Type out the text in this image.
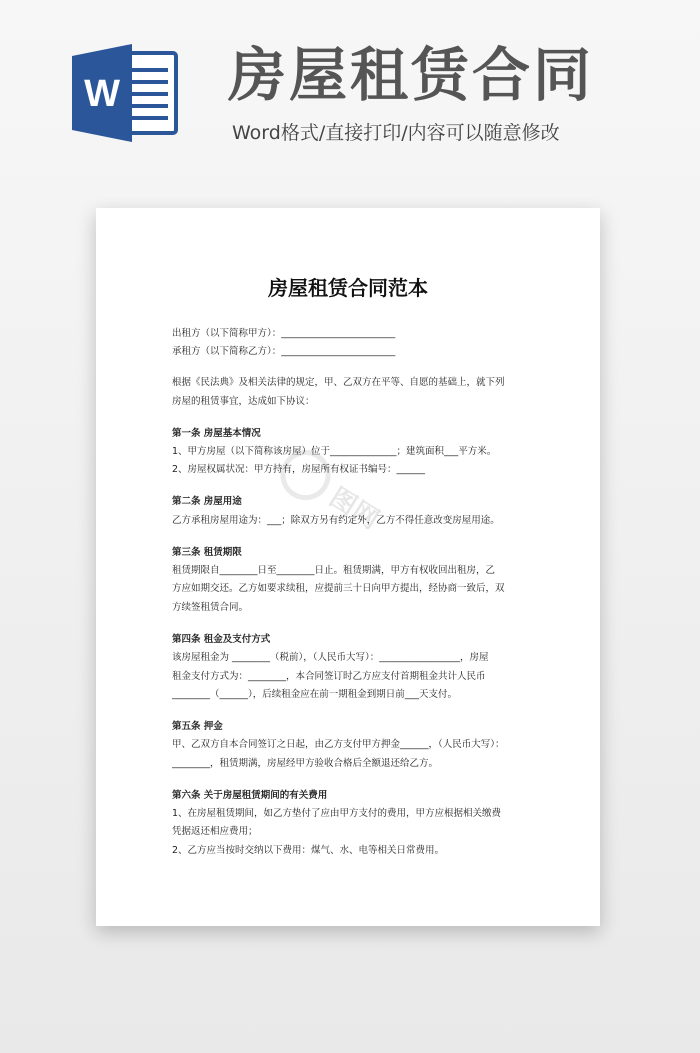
W 房屋租赁合同

Word格式/直接打印/内容可以随意修改

房屋租赁合同范本
图网

出租方（以下简称甲方）：________________________

承租方（以下简称乙方）：________________________

根据《民法典》及相关法律的规定，甲、乙双方在平等、自愿的基础上，就下列

房屋的租赁事宜，达成如下协议：

第一条 房屋基本情况

1、甲方房屋（以下简称该房屋）位于______________；建筑面积___平方米。

2、房屋权属状况：甲方持有，房屋所有权证书编号：______

第二条 房屋用途

乙方承租房屋用途为：___；除双方另有约定外，乙方不得任意改变房屋用途。

第三条 租赁期限

租赁期限自________日至________日止。租赁期满，甲方有权收回出租房，乙

方应如期交还。乙方如要求续租，应提前三十日向甲方提出，经协商一致后，双

方续签租赁合同。

第四条 租金及支付方式

该房屋租金为 ________（税前），（人民币大写）：_________________，房屋

租金支付方式为：________，本合同签订时乙方应支付首期租金共计人民币

________（______），后续租金应在前一期租金到期日前___天支付。

第五条 押金

甲、乙双方自本合同签订之日起，由乙方支付甲方押金______，（人民币大写）：

________，租赁期满，房屋经甲方验收合格后全额退还给乙方。

第六条 关于房屋租赁期间的有关费用

1、在房屋租赁期间，如乙方垫付了应由甲方支付的费用，甲方应根据相关缴费

凭据返还相应费用；

2、乙方应当按时交纳以下费用：煤气、水、电等相关日常费用。
